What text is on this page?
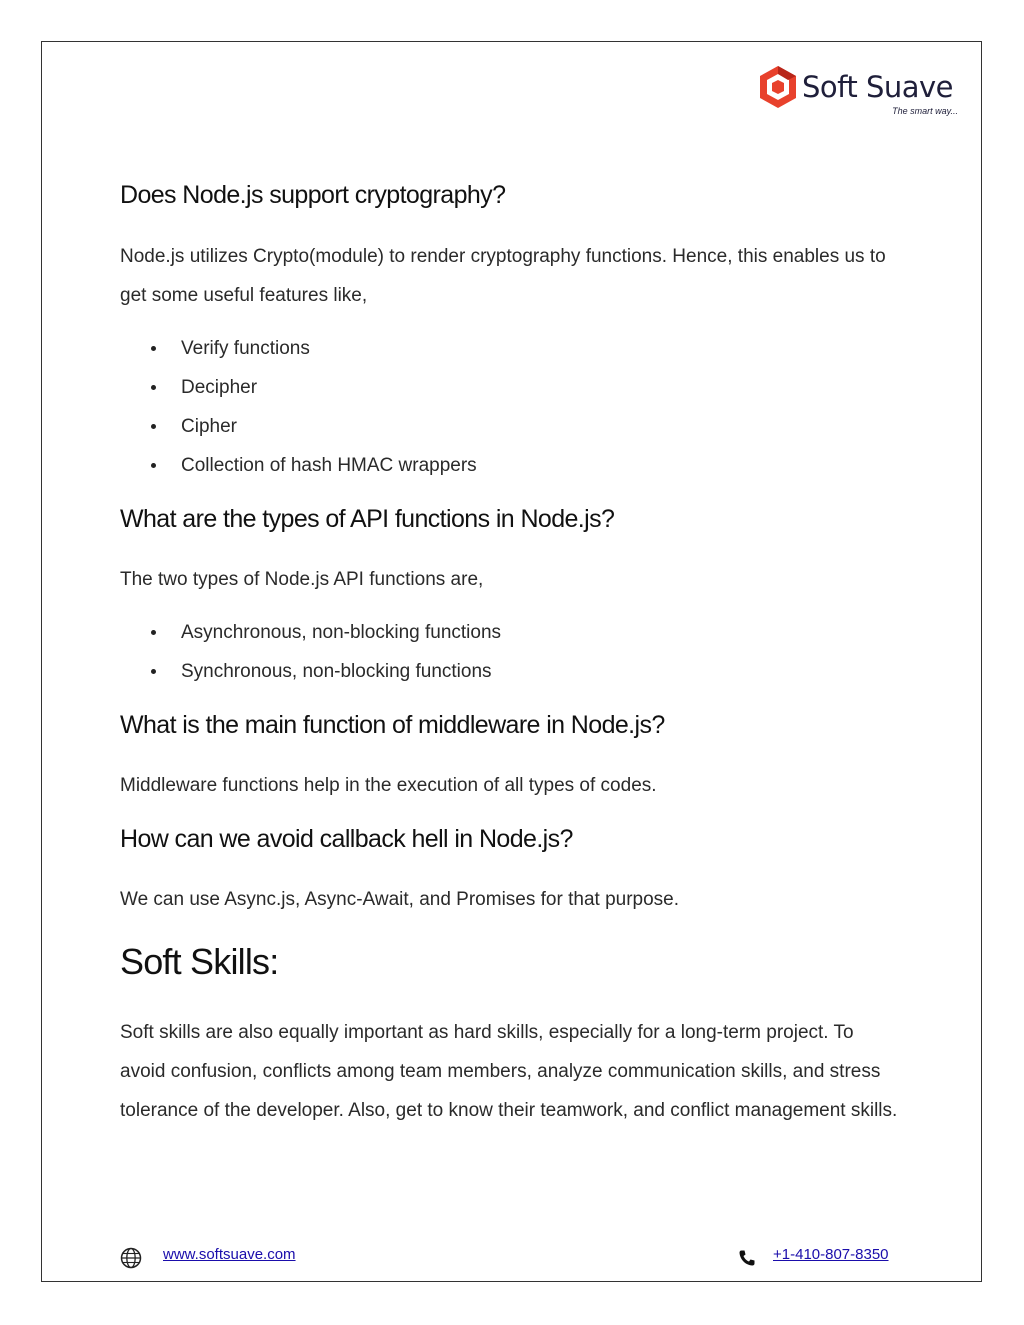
Soft Suave
The smart way...
Does Node.js support cryptography?

Node.js utilizes Crypto(module) to render cryptography functions. Hence, this enables us to get some useful features like,

Verify functions
Decipher
Cipher
Collection of hash HMAC wrappers
What are the types of API functions in Node.js?

The two types of Node.js API functions are,

Asynchronous, non-blocking functions
Synchronous, non-blocking functions
What is the main function of middleware in Node.js?

Middleware functions help in the execution of all types of codes.

How can we avoid callback hell in Node.js?

We can use Async.js, Async-Await, and Promises for that purpose.

Soft Skills:

Soft skills are also equally important as hard skills, especially for a long-term project. To avoid confusion, conflicts among team members, analyze communication skills, and stress tolerance of the developer. Also, get to know their teamwork, and conflict management skills.

www.softsuave.com	+1-410-807-8350
